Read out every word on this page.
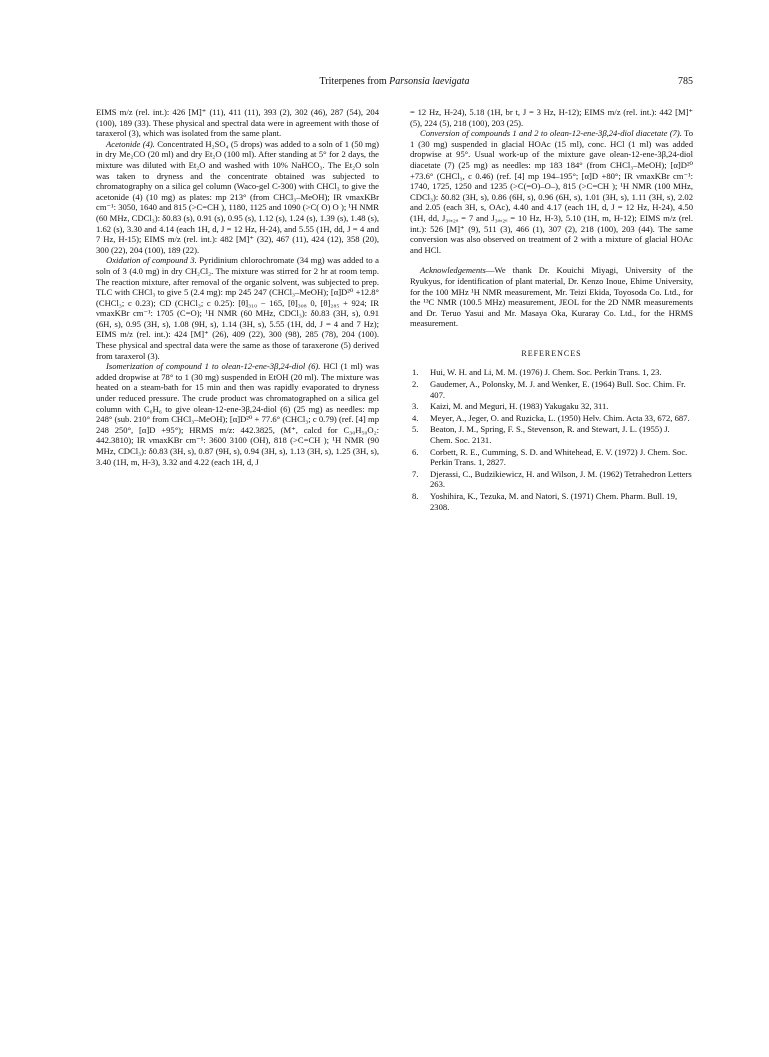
Triterpenes from Parsonsia laevigata	785

EIMS m/z (rel. int.): 426 [M]⁺ (11), 411 (11), 393 (2), 302 (46), 287 (54), 204 (100), 189 (33). These physical and spectral data were in agreement with those of taraxerol (3), which was isolated from the same plant.

Acetonide (4). Concentrated H₂SO₄ (5 drops) was added to a soln of 1 (50 mg) in dry Me₂CO (20 ml) and dry Et₂O (100 ml). After standing at 5° for 2 days, the mixture was diluted with Et₂O and washed with 10% NaHCO₃. The Et₂O soln was taken to dryness and the concentrate obtained was subjected to chromatography on a silica gel column (Waco-gel C-300) with CHCl₃ to give the acetonide (4) (10 mg) as plates: mp 213° (from CHCl₃–MeOH); IR νmaxKBr cm⁻¹: 3050, 1640 and 815 (>C=CH ), 1180, 1125 and 1090 (>C( O) O ); ¹H NMR (60 MHz, CDCl₃): δ0.83 (s), 0.91 (s), 0.95 (s), 1.12 (s), 1.24 (s), 1.39 (s), 1.48 (s), 1.62 (s), 3.30 and 4.14 (each 1H, d, J = 12 Hz, H-24), and 5.55 (1H, dd, J = 4 and 7 Hz, H-15); EIMS m/z (rel. int.): 482 [M]⁺ (32), 467 (11), 424 (12), 358 (20), 300 (22), 204 (100), 189 (22).

Oxidation of compound 3. Pyridinium chlorochromate (34 mg) was added to a soln of 3 (4.0 mg) in dry CH₂Cl₂. The mixture was stirred for 2 hr at room temp. The reaction mixture, after removal of the organic solvent, was subjected to prep. TLC with CHCl₃ to give 5 (2.4 mg): mp 245 247 (CHCl₃–MeOH); [α]D²⁰ +12.8° (CHCl₃; c 0.23); CD (CHCl₃; c 0.25): [θ]₃₁₀ − 165, [θ]₃₀₈ 0, [θ]₂₈₅ + 924; IR νmaxKBr cm⁻¹: 1705 (C=O); ¹H NMR (60 MHz, CDCl₃): δ0.83 (3H, s), 0.91 (6H, s), 0.95 (3H, s), 1.08 (9H, s), 1.14 (3H, s), 5.55 (1H, dd, J = 4 and 7 Hz); EIMS m/z (rel. int.): 424 [M]⁺ (26), 409 (22), 300 (98), 285 (78), 204 (100). These physical and spectral data were the same as those of taraxerone (5) derived from taraxerol (3).

Isomerization of compound 1 to olean-12-ene-3β,24-diol (6). HCl (1 ml) was added dropwise at 78° to 1 (30 mg) suspended in EtOH (20 ml). The mixture was heated on a steam-bath for 15 min and then was rapidly evaporated to dryness under reduced pressure. The crude product was chromatographed on a silica gel column with C₆H₆ to give olean-12-ene-3β,24-diol (6) (25 mg) as needles: mp 248° (sub. 210° from CHCl₃–MeOH); [α]D²⁰ + 77.6° (CHCl₃; c 0.79) (ref. [4] mp 248 250°, [α]D +95°); HRMS m/z: 442.3825, (M⁺, calcd for C₃₀H₅₀O₂: 442.3810); IR νmaxKBr cm⁻¹: 3600 3100 (OH), 818 (>C=CH ); ¹H NMR (90 MHz, CDCl₃): δ0.83 (3H, s), 0.87 (9H, s), 0.94 (3H, s), 1.13 (3H, s), 1.25 (3H, s), 3.40 (1H, m, H-3), 3.32 and 4.22 (each 1H, d, J

= 12 Hz, H-24), 5.18 (1H, br t, J = 3 Hz, H-12); EIMS m/z (rel. int.): 442 [M]⁺ (5), 224 (5), 218 (100), 203 (25).

Conversion of compounds 1 and 2 to olean-12-ene-3β,24-diol diacetate (7). To 1 (30 mg) suspended in glacial HOAc (15 ml), conc. HCl (1 ml) was added dropwise at 95°. Usual work-up of the mixture gave olean-12-ene-3β,24-diol diacetate (7) (25 mg) as needles: mp 183 184° (from CHCl₃–MeOH); [α]D²⁰ +73.6° (CHCl₃, c 0.46) (ref. [4] mp 194–195°; [α]D +80°; IR νmaxKBr cm⁻¹: 1740, 1725, 1250 and 1235 (>C(=O)–O–), 815 (>C=CH ); ¹H NMR (100 MHz, CDCl₃): δ0.82 (3H, s), 0.86 (6H, s), 0.96 (6H, s), 1.01 (3H, s), 1.11 (3H, s), 2.02 and 2.05 (each 3H, s, OAc), 4.40 and 4.17 (each 1H, d, J = 12 Hz, H-24), 4.50 (1H, dd, J₃ₐ,₂ₐ = 7 and J₃ₐ,₂ₑ = 10 Hz, H-3), 5.10 (1H, m, H-12); EIMS m/z (rel. int.): 526 [M]⁺ (9), 511 (3), 466 (1), 307 (2), 218 (100), 203 (44). The same conversion was also observed on treatment of 2 with a mixture of glacial HOAc and HCl.

Acknowledgements—We thank Dr. Kouichi Miyagi, University of the Ryukyus, for identification of plant material, Dr. Kenzo Inoue, Ehime University, for the 100 MHz ¹H NMR measurement, Mr. Teizi Ekida, Toyosoda Co. Ltd., for the ¹³C NMR (100.5 MHz) measurement, JEOL for the 2D NMR measurements and Dr. Teruo Yasui and Mr. Masaya Oka, Kuraray Co. Ltd., for the HRMS measurement.

REFERENCES
1. Hui, W. H. and Li, M. M. (1976) J. Chem. Soc. Perkin Trans. 1, 23.
2. Gaudemer, A., Polonsky, M. J. and Wenker, E. (1964) Bull. Soc. Chim. Fr. 407.
3. Kaizi, M. and Meguri, H. (1983) Yakugaku 32, 311.
4. Meyer, A., Jeger, O. and Ruzicka, L. (1950) Helv. Chim. Acta 33, 672, 687.
5. Beaton, J. M., Spring, F. S., Stevenson, R. and Stewart, J. L. (1955) J. Chem. Soc. 2131.
6. Corbett, R. E., Cumming, S. D. and Whitehead, E. V. (1972) J. Chem. Soc. Perkin Trans. 1, 2827.
7. Djerassi, C., Budzikiewicz, H. and Wilson, J. M. (1962) Tetrahedron Letters 263.
8. Yoshihira, K., Tezuka, M. and Natori, S. (1971) Chem. Pharm. Bull. 19, 2308.
